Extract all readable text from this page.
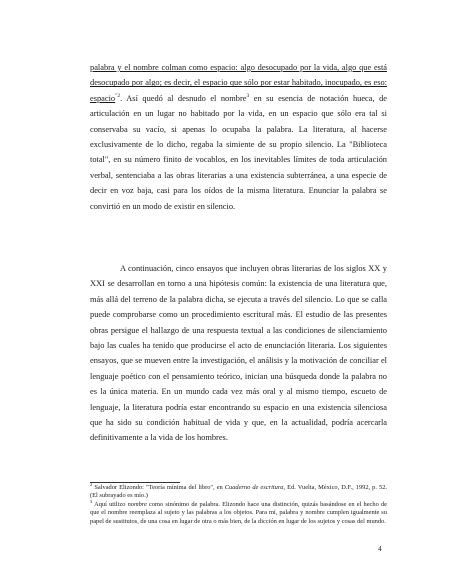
palabra y el nombre colman como espacio: algo desocupado por la vida, algo que está desocupado por algo; es decir, el espacio que sólo por estar habitado, inocupado, es eso: espacio$^{"2}$. Así quedó al desnudo el nombre$^3$ en su esencia de notación hueca, de articulación en un lugar no habitado por la vida, en un espacio que sólo era tal si conservaba su vacío, si apenas lo ocupaba la palabra. La literatura, al hacerse exclusivamente de lo dicho, regaba la simiente de su propio silencio. La "Biblioteca total", en su número finito de vocablos, en los inevitables límites de toda articulación verbal, sentenciaba a las obras literarias a una existencia subterránea, a una especie de decir en voz baja, casi para los oídos de la misma literatura. Enunciar la palabra se convirtió en un modo de existir en silencio.

A continuación, cinco ensayos que incluyen obras literarias de los siglos XX y XXI se desarrollan en torno a una hipótesis común: la existencia de una literatura que, más allá del terreno de la palabra dicha, se ejecuta a través del silencio. Lo que se calla puede comprobarse como un procedimiento escritural más. El estudio de las presentes obras persigue el hallazgo de una respuesta textual a las condiciones de silenciamiento bajo las cuales ha tenido que producirse el acto de enunciación literaria. Los siguientes ensayos, que se mueven entre la investigación, el análisis y la motivación de conciliar el lenguaje poético con el pensamiento teórico, inician una búsqueda donde la palabra no es la única materia. En un mundo cada vez más oral y al mismo tiempo, escueto de lenguaje, la literatura podría estar encontrando su espacio en una existencia silenciosa que ha sido su condición habitual de vida y que, en la actualidad, podría acercarla definitivamente a la vida de los hombres.

$^2$ Salvador Elizondo: "Teoría mínima del libro", en Cuaderno de escritura, Ed. Vuelta, México, D.F., 1992, p. 52. (El subrayado es mío.)

$^3$ Aquí utilizo nombre como sinónimo de palabra. Elizondo hace una distinción, quizás basándose en el hecho de que el nombre reemplaza al sujeto y las palabras a los objetos. Para mí, palabra y nombre cumplen igualmente su papel de sustitutos, de una cosa en lugar de otra o más bien, de la dicción en lugar de los sujetos y cosas del mundo.

4
